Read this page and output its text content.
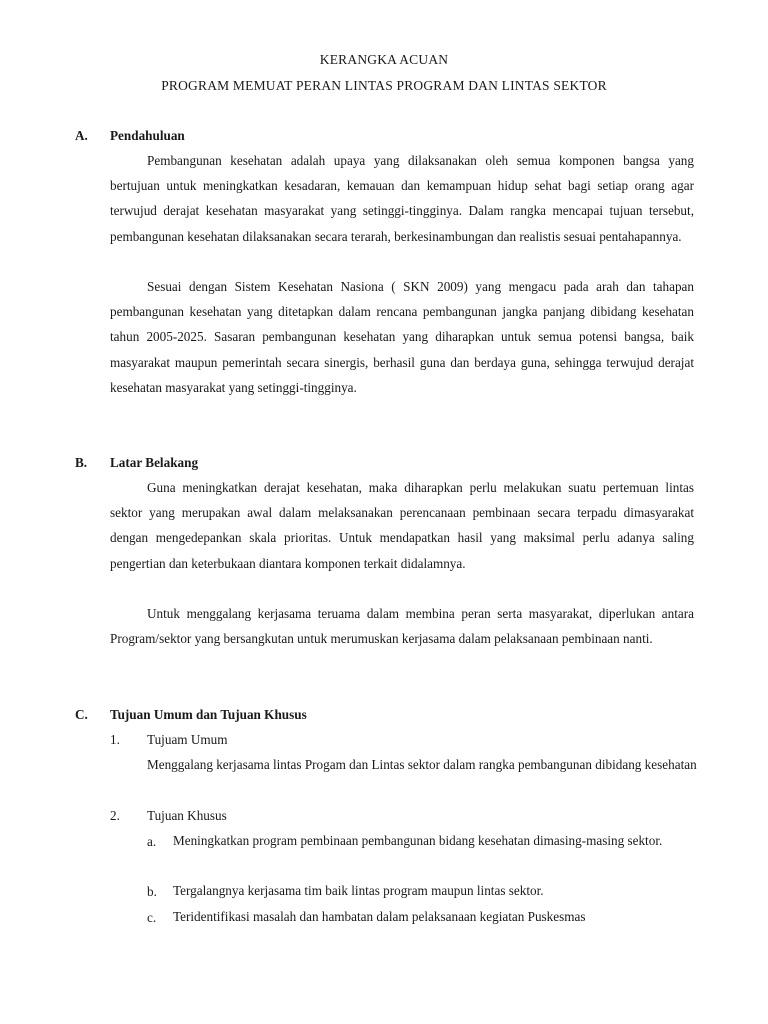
KERANGKA ACUAN
PROGRAM MEMUAT PERAN LINTAS PROGRAM DAN LINTAS SEKTOR
A. Pendahuluan

Pembangunan kesehatan adalah upaya yang dilaksanakan oleh semua komponen bangsa yang bertujuan untuk meningkatkan kesadaran, kemauan dan kemampuan hidup sehat bagi setiap orang agar terwujud derajat kesehatan masyarakat yang setinggi-tingginya. Dalam rangka mencapai tujuan tersebut, pembangunan kesehatan dilaksanakan secara terarah, berkesinambungan dan realistis sesuai pentahapannya.

Sesuai dengan Sistem Kesehatan Nasiona ( SKN 2009) yang mengacu pada arah dan tahapan pembangunan kesehatan yang ditetapkan dalam rencana pembangunan jangka panjang dibidang kesehatan tahun 2005-2025. Sasaran pembangunan kesehatan yang diharapkan untuk semua potensi bangsa, baik masyarakat maupun pemerintah secara sinergis, berhasil guna dan berdaya guna, sehingga terwujud derajat kesehatan masyarakat yang setinggi-tingginya.

B. Latar Belakang

Guna meningkatkan derajat kesehatan, maka diharapkan perlu melakukan suatu pertemuan lintas sektor yang merupakan awal dalam melaksanakan perencanaan pembinaan secara terpadu dimasyarakat dengan mengedepankan skala prioritas. Untuk mendapatkan hasil yang maksimal perlu adanya saling pengertian dan keterbukaan diantara komponen terkait didalamnya.

Untuk menggalang kerjasama teruama dalam membina peran serta masyarakat, diperlukan antara Program/sektor yang bersangkutan untuk merumuskan kerjasama dalam pelaksanaan pembinaan nanti.

C. Tujuan Umum dan Tujuan Khusus
1. Tujuam Umum

Menggalang kerjasama lintas Progam dan Lintas sektor dalam rangka pembangunan dibidang kesehatan

2. Tujuan Khusus
a. Meningkatkan program pembinaan pembangunan bidang kesehatan dimasing-masing sektor.

b. Tergalangnya kerjasama tim baik lintas program maupun lintas sektor.

c. Teridentifikasi masalah dan hambatan dalam pelaksanaan kegiatan Puskesmas
